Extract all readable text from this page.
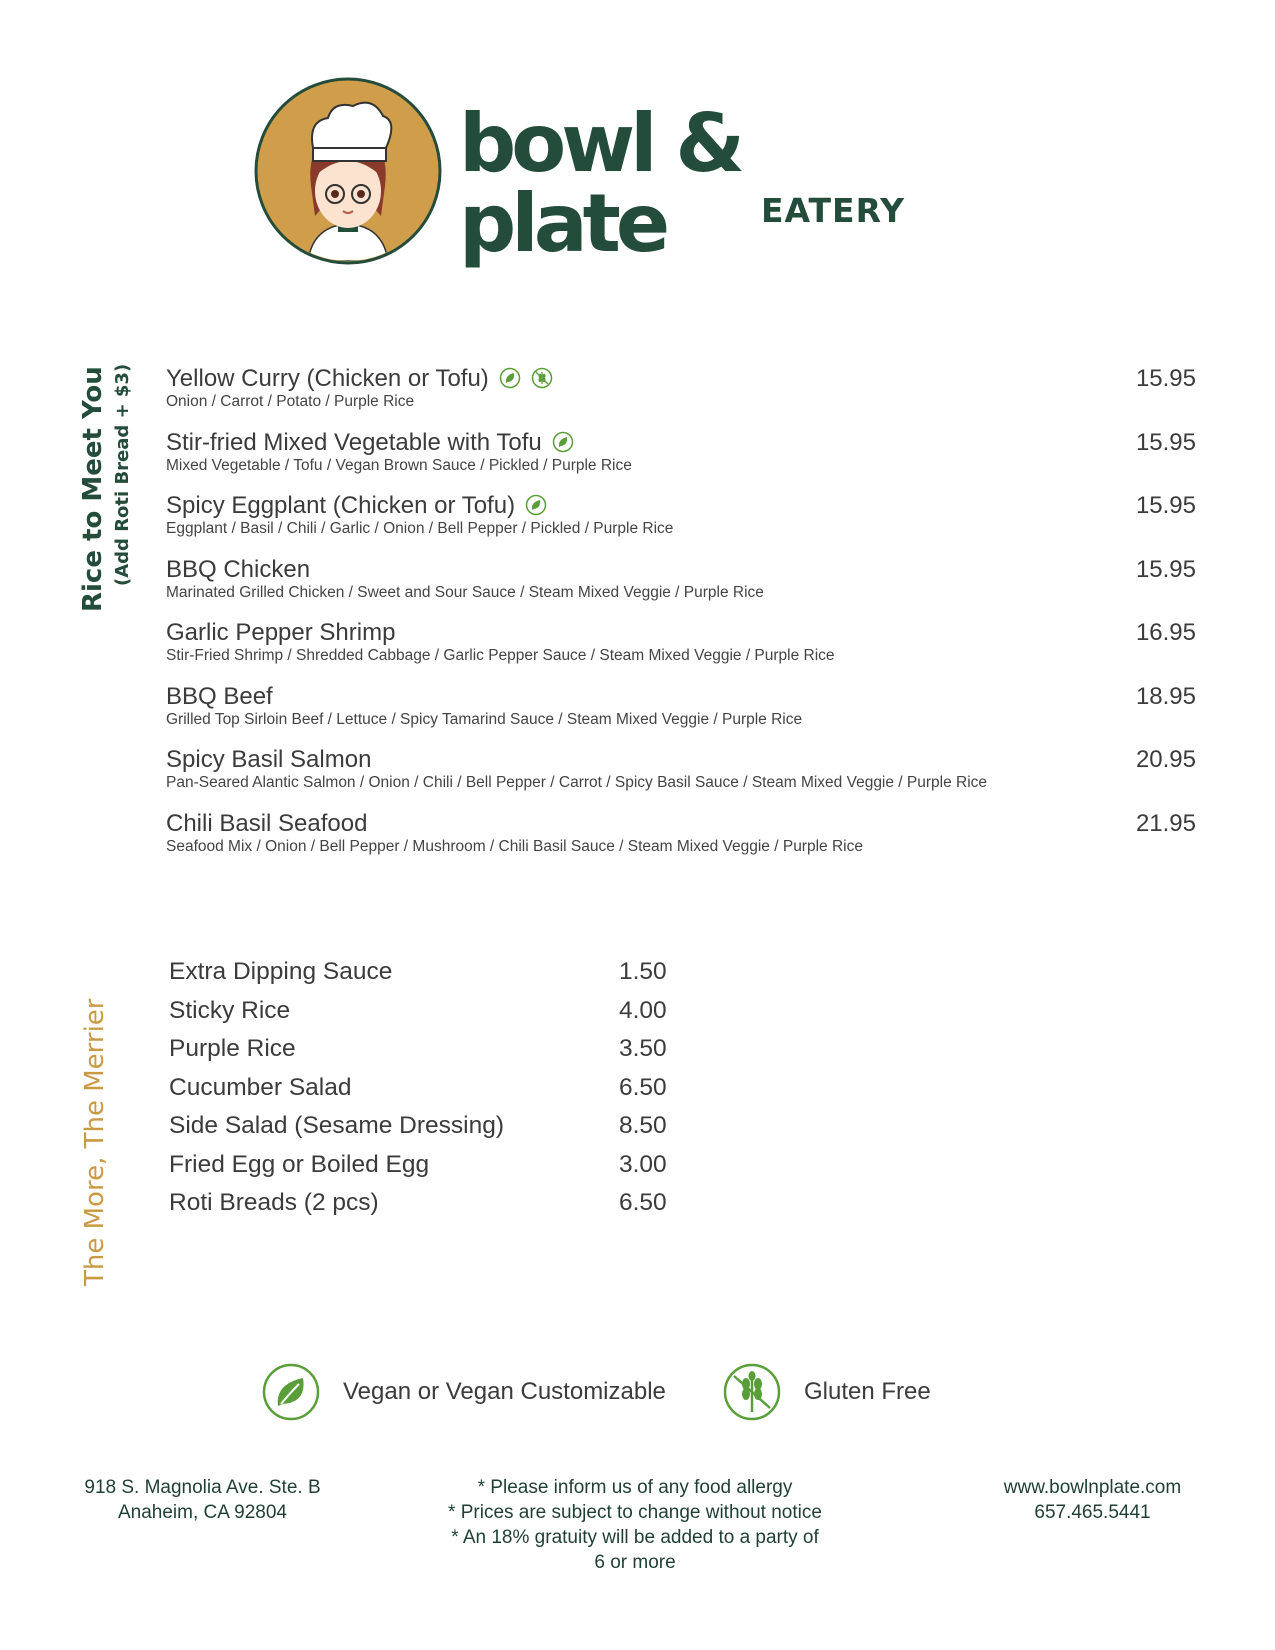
bowl & plate	EATERY
Rice to Meet You (Add Roti Bread + $3)
The More, The Merrier
Yellow Curry (Chicken or Tofu)
Onion / Carrot / Potato / Purple Rice
15.95
Stir-fried Mixed Vegetable with Tofu
Mixed Vegetable / Tofu / Vegan Brown Sauce / Pickled / Purple Rice
15.95
Spicy Eggplant (Chicken or Tofu)
Eggplant / Basil / Chili / Garlic / Onion / Bell Pepper / Pickled / Purple Rice
15.95
BBQ Chicken
Marinated Grilled Chicken / Sweet and Sour Sauce / Steam Mixed Veggie / Purple Rice
15.95
Garlic Pepper Shrimp
Stir-Fried Shrimp / Shredded Cabbage / Garlic Pepper Sauce / Steam Mixed Veggie / Purple Rice
16.95
BBQ Beef
Grilled Top Sirloin Beef / Lettuce / Spicy Tamarind Sauce / Steam Mixed Veggie / Purple Rice
18.95
Spicy Basil Salmon
Pan-Seared Alantic Salmon / Onion / Chili / Bell Pepper / Carrot / Spicy Basil Sauce / Steam Mixed Veggie / Purple Rice
20.95
Chili Basil Seafood
Seafood Mix / Onion / Bell Pepper / Mushroom / Chili Basil Sauce / Steam Mixed Veggie / Purple Rice
21.95
Extra Dipping Sauce	1.50
Sticky Rice	4.00
Purple Rice	3.50
Cucumber Salad	6.50
Side Salad (Sesame Dressing)	8.50
Fried Egg or Boiled Egg	3.00
Roti Breads (2 pcs)	6.50
Vegan or Vegan Customizable	Gluten Free
918 S. Magnolia Ave. Ste. B
Anaheim, CA 92804
* Please inform us of any food allergy
* Prices are subject to change without notice
* An 18% gratuity will be added to a party of
6 or more
www.bowlnplate.com
657.465.5441
